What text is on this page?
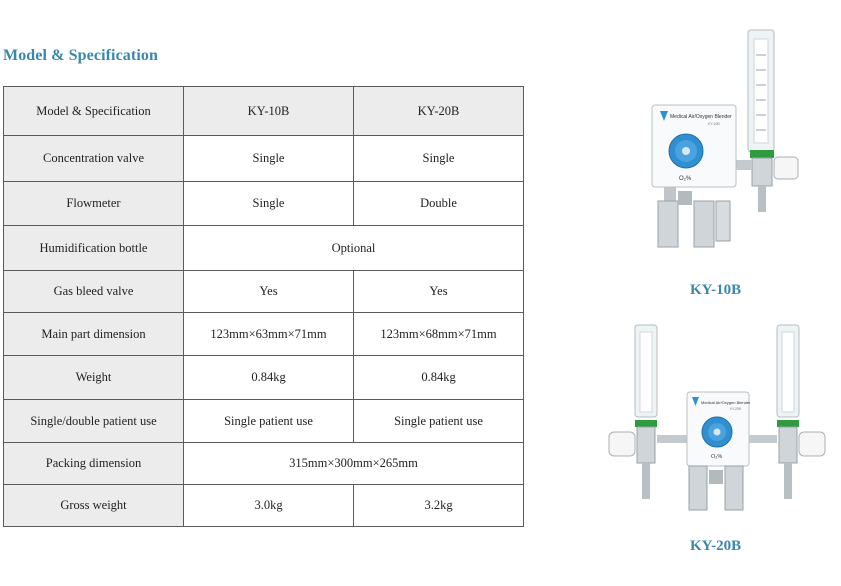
Model & Specification
Model & Specification	KY-10B	KY-20B
Concentration valve	Single	Single
Flowmeter	Single	Double
Humidification bottle	Optional	
Gas bleed valve	Yes	Yes
Main part dimension	123mm×63mm×71mm	123mm×68mm×71mm
Weight	0.84kg	0.84kg
Single/double patient use	Single patient use	Single patient use
Packing dimension	315mm×300mm×265mm	
Gross weight	3.0kg	3.2kg
Medical Air/Oxygen Blender
KY-10B
O₂%
KY-10B
Medical Air/Oxygen Blender
KY-20B
O₂%
KY-20B
